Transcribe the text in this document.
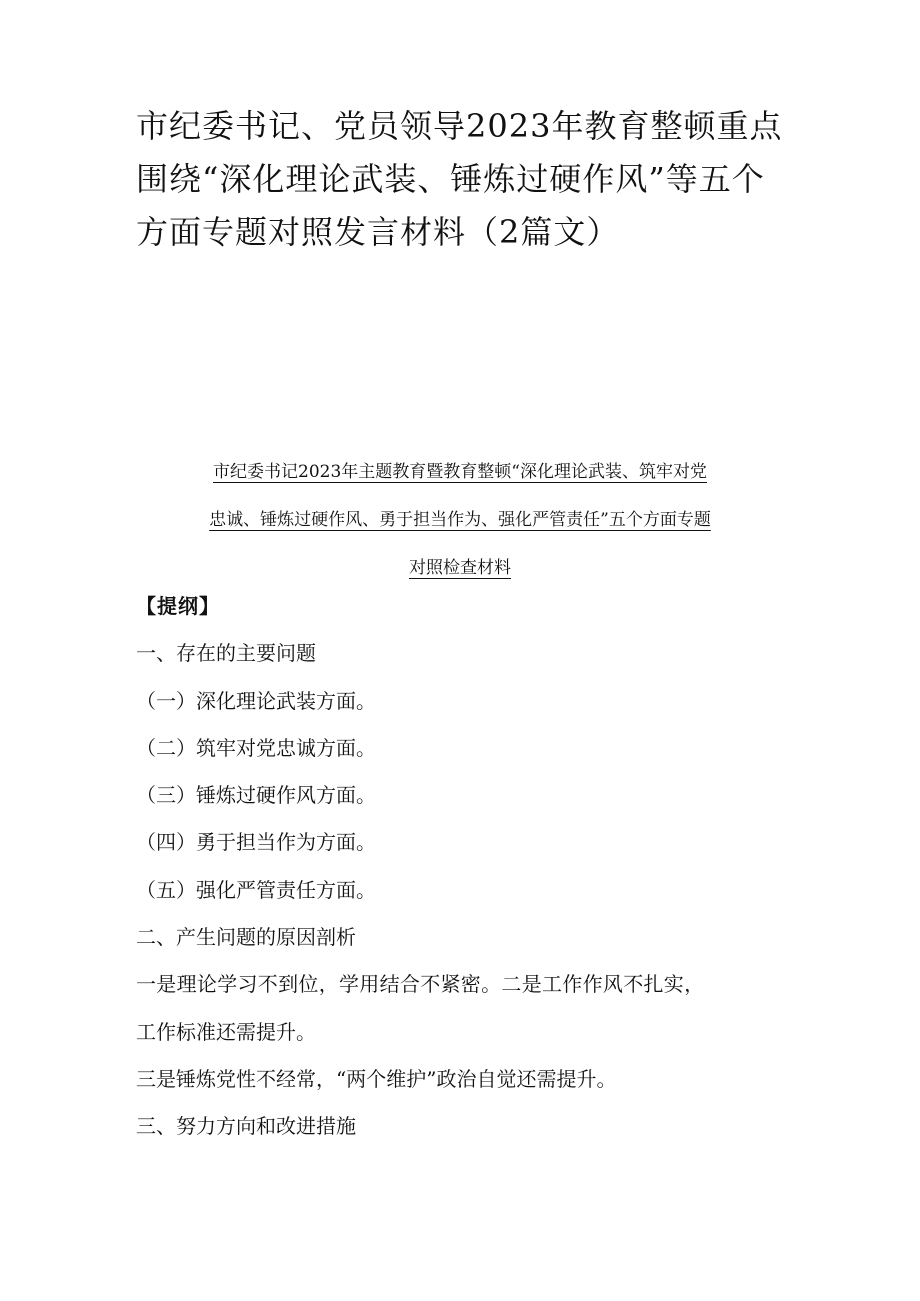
市纪委书记、党员领导2023年教育整顿重点
围绕“深化理论武装、锤炼过硬作风”等五个
方面专题对照发言材料（2篇文）
市纪委书记2023年主题教育暨教育整顿“深化理论武装、筑牢对党
忠诚、锤炼过硬作风、勇于担当作为、强化严管责任”五个方面专题
对照检查材料
【提纲】
一、存在的主要问题
（一）深化理论武装方面。
（二）筑牢对党忠诚方面。
（三）锤炼过硬作风方面。
（四）勇于担当作为方面。
（五）强化严管责任方面。
二、产生问题的原因剖析
一是理论学习不到位，学用结合不紧密。二是工作作风不扎实，
工作标准还需提升。
三是锤炼党性不经常，“两个维护”政治自觉还需提升。
三、努力方向和改进措施
